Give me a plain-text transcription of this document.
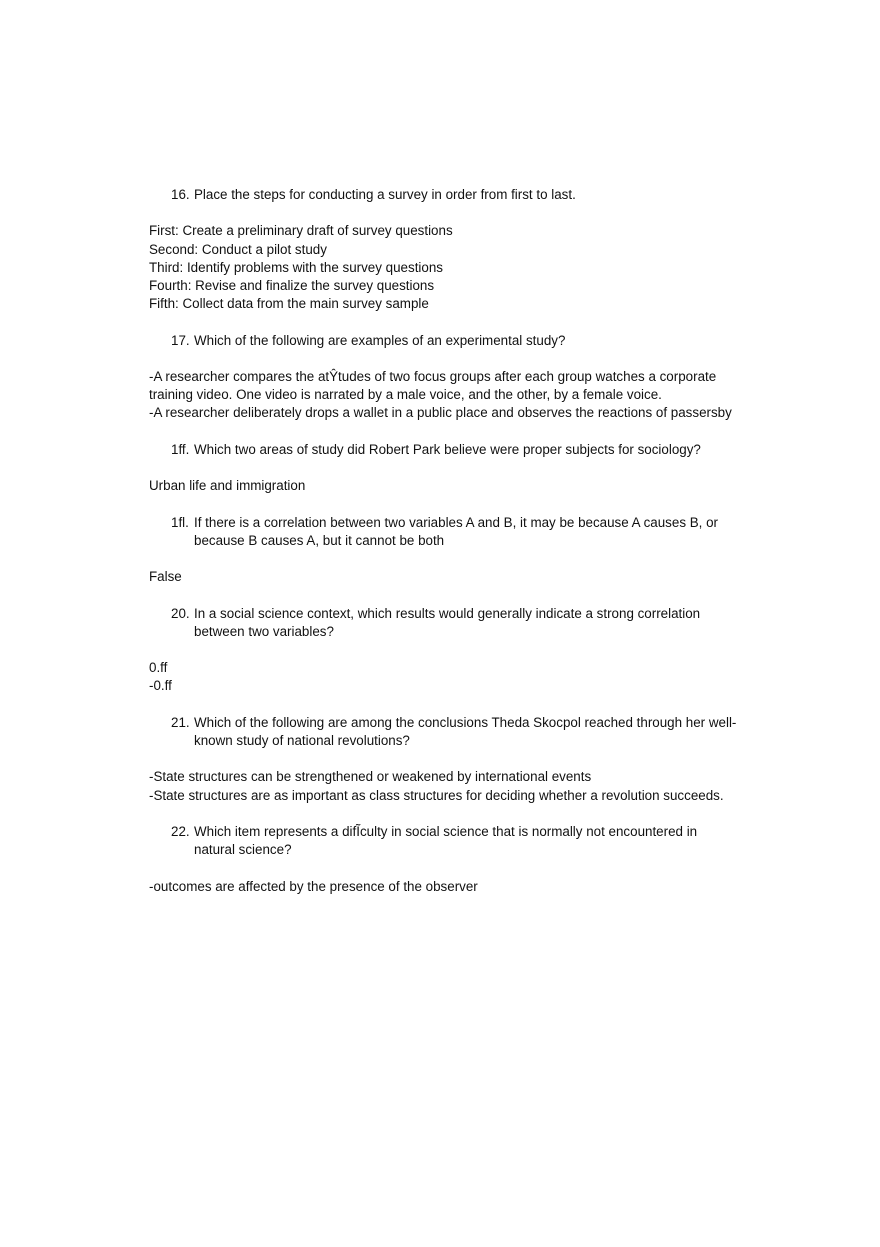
16. Place the steps for conducting a survey in order from first to last.
First: Create a preliminary draft of survey questions
Second: Conduct a pilot study
Third: Identify problems with the survey questions
Fourth: Revise and finalize the survey questions
Fifth: Collect data from the main survey sample
17. Which of the following are examples of an experimental study?
-A researcher compares the atŶtudes of two focus groups after each group watches a corporate training video. One video is narrated by a male voice, and the other, by a female voice.
-A researcher deliberately drops a wallet in a public place and observes the reactions of passersby
1ff. Which two areas of study did Robert Park believe were proper subjects for sociology?
Urban life and immigration
1fl. If there is a correlation between two variables A and B, it may be because A causes B, or because B causes A, but it cannot be both
False
20. In a social science context, which results would generally indicate a strong correlation between two variables?
0.ff
-0.ff
21. Which of the following are among the conclusions Theda Skocpol reached through her well-known study of national revolutions?
-State structures can be strengthened or weakened by international events
-State structures are as important as class structures for deciding whether a revolution succeeds.
22. Which item represents a difĨculty in social science that is normally not encountered in natural science?
-outcomes are affected by the presence of the observer
